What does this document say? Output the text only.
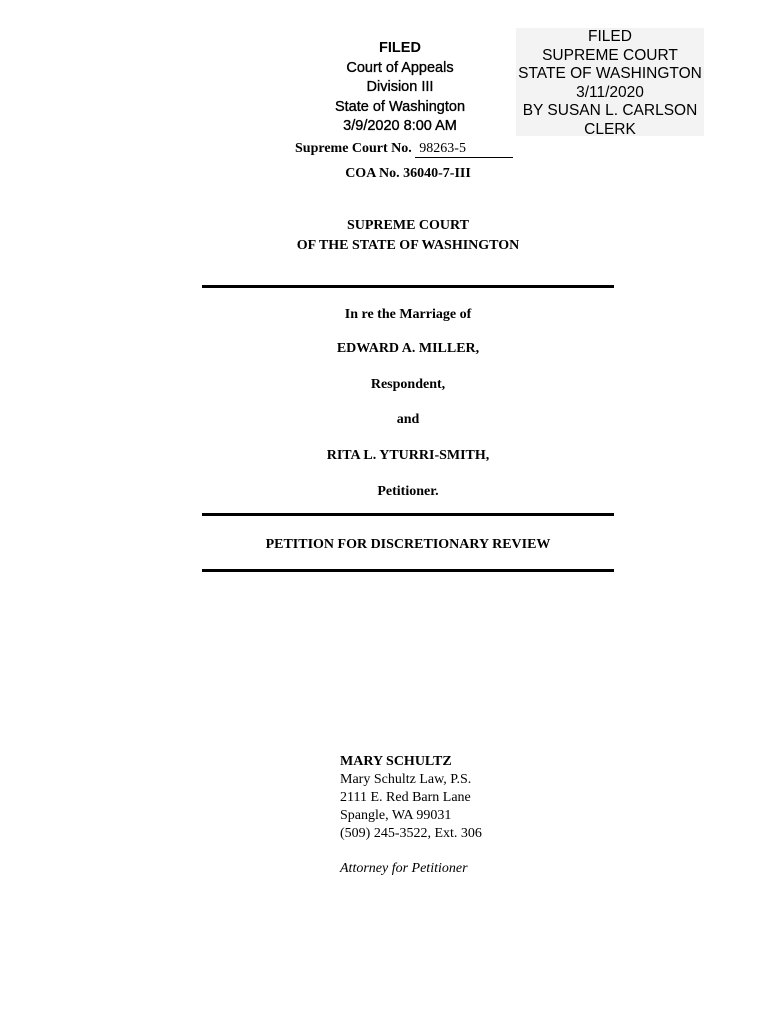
FILED
Court of Appeals
Division III
State of Washington
3/9/2020 8:00 AM
FILED
SUPREME COURT
STATE OF WASHINGTON
3/11/2020
BY SUSAN L. CARLSON
CLERK
Supreme Court No. 98263-5
COA No. 36040-7-III
SUPREME COURT
OF THE STATE OF WASHINGTON
In re the Marriage of
EDWARD A. MILLER,
Respondent,
and
RITA L. YTURRI-SMITH,
Petitioner.
PETITION FOR DISCRETIONARY REVIEW
MARY SCHULTZ
Mary Schultz Law, P.S.
2111 E. Red Barn Lane
Spangle, WA 99031
(509) 245-3522, Ext. 306
Attorney for Petitioner
